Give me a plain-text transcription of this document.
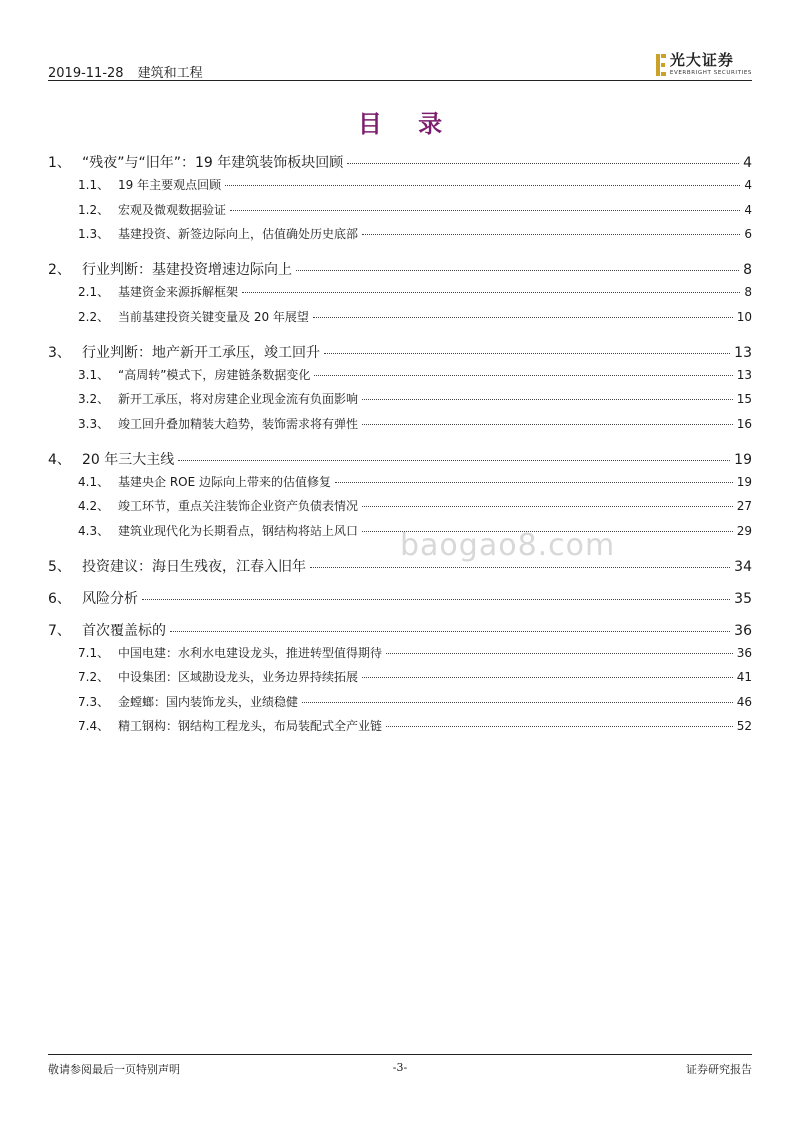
2019-11-28 建筑和工程
光大证券
EVERBRIGHT SECURITIES
目 录
1、 “残夜”与“旧年”：19 年建筑装饰板块回顾	4
1.1、 19 年主要观点回顾	4
1.2、 宏观及微观数据验证	4
1.3、 基建投资、新签边际向上，估值确处历史底部	6
2、 行业判断：基建投资增速边际向上	8
2.1、 基建资金来源拆解框架	8
2.2、 当前基建投资关键变量及 20 年展望	10
3、 行业判断：地产新开工承压，竣工回升	13
3.1、 “高周转”模式下，房建链条数据变化	13
3.2、 新开工承压，将对房建企业现金流有负面影响	15
3.3、 竣工回升叠加精装大趋势，装饰需求将有弹性	16
4、 20 年三大主线	19
4.1、 基建央企 ROE 边际向上带来的估值修复	19
4.2、 竣工环节，重点关注装饰企业资产负债表情况	27
4.3、 建筑业现代化为长期看点，钢结构将站上风口	29
5、 投资建议：海日生残夜，江春入旧年	34
6、 风险分析	35
7、 首次覆盖标的	36
7.1、 中国电建：水利水电建设龙头，推进转型值得期待	36
7.2、 中设集团：区域勘设龙头，业务边界持续拓展	41
7.3、 金螳螂：国内装饰龙头，业绩稳健	46
7.4、 精工钢构：钢结构工程龙头，布局装配式全产业链	52
baogao8.com
敬请参阅最后一页特别声明	-3-	证券研究报告
